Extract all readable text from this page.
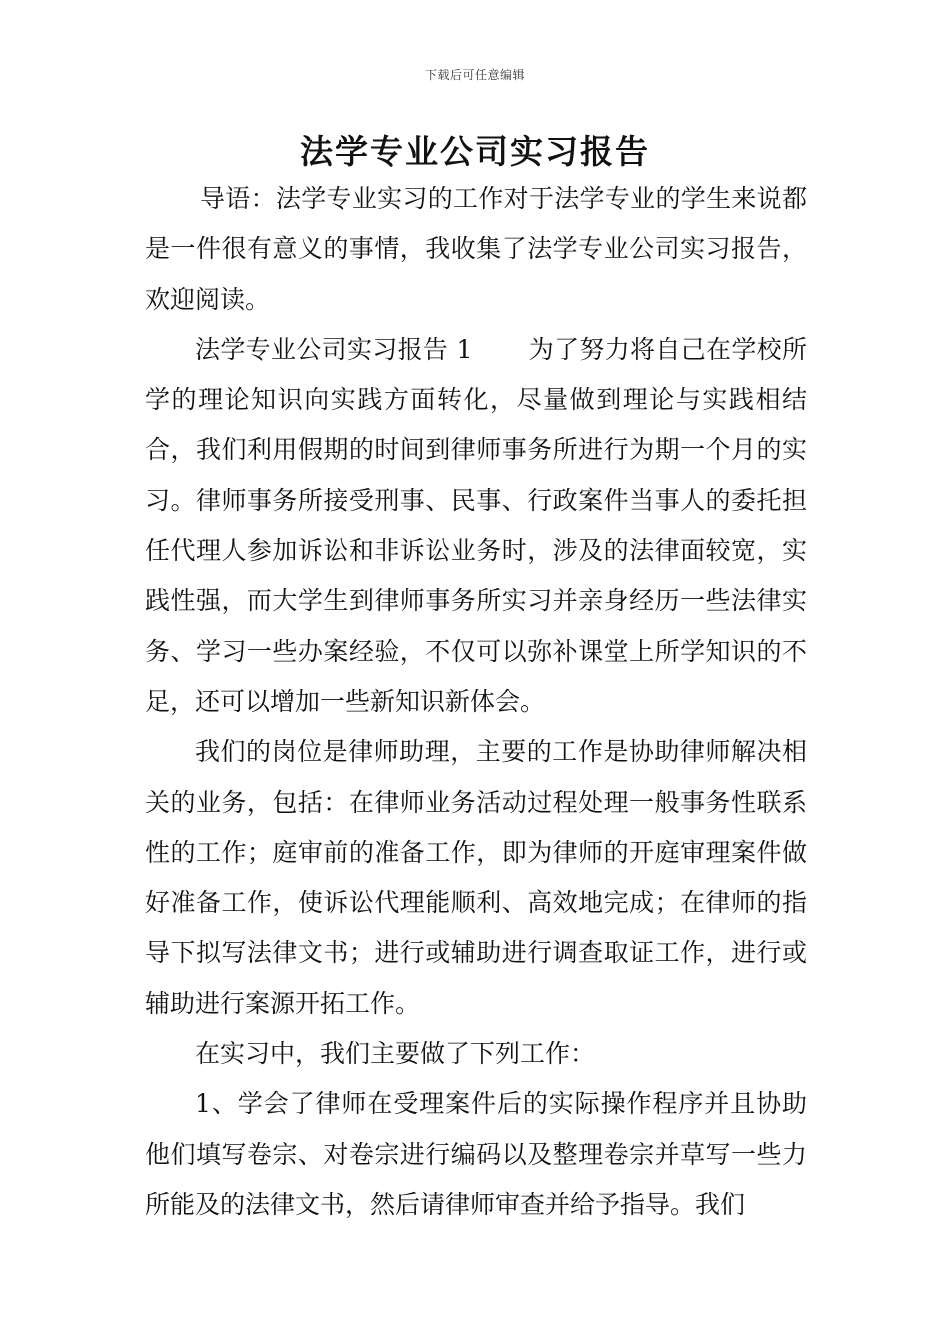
下载后可任意编辑
法学专业公司实习报告

导语：法学专业实习的工作对于法学专业的学生来说都是一件很有意义的事情，我收集了法学专业公司实习报告，欢迎阅读。

法学专业公司实习报告 1 为了努力将自己在学校所学的理论知识向实践方面转化，尽量做到理论与实践相结合，我们利用假期的时间到律师事务所进行为期一个月的实习。律师事务所接受刑事、民事、行政案件当事人的委托担任代理人参加诉讼和非诉讼业务时，涉及的法律面较宽，实践性强，而大学生到律师事务所实习并亲身经历一些法律实务、学习一些办案经验，不仅可以弥补课堂上所学知识的不足，还可以增加一些新知识新体会。

我们的岗位是律师助理，主要的工作是协助律师解决相关的业务，包括：在律师业务活动过程处理一般事务性联系性的工作；庭审前的准备工作，即为律师的开庭审理案件做好准备工作，使诉讼代理能顺利、高效地完成；在律师的指导下拟写法律文书；进行或辅助进行调查取证工作，进行或辅助进行案源开拓工作。

在实习中，我们主要做了下列工作：

1、学会了律师在受理案件后的实际操作程序并且协助他们填写卷宗、对卷宗进行编码以及整理卷宗并草写一些力所能及的法律文书，然后请律师审查并给予指导。我们
